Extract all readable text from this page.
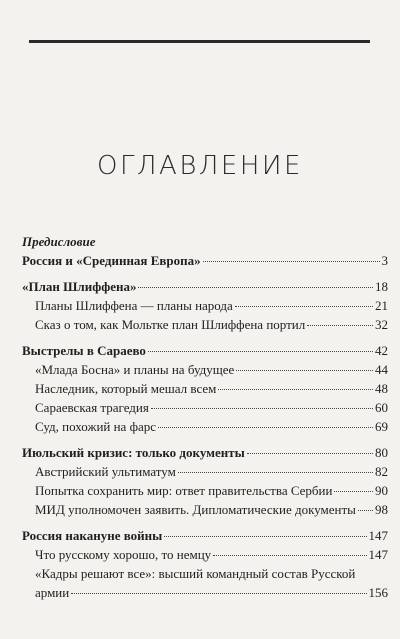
ОГЛАВЛЕНИЕ
Предисловие
Россия и «Срединная Европа»	3
«План Шлиффена»	18
Планы Шлиффена — планы народа	21
Сказ о том, как Мольтке план Шлиффена портил	32
Выстрелы в Сараево	42
«Млада Босна» и планы на будущее	44
Наследник, который мешал всем	48
Сараевская трагедия	60
Суд, похожий на фарс	69
Июльский кризис: только документы	80
Австрийский ультиматум	82
Попытка сохранить мир: ответ правительства Сербии	90
МИД уполномочен заявить. Дипломатические документы 98
Россия накануне войны	147
Что русскому хорошо, то немцу	147
«Кадры решают все»: высший командный состав Русской
армии	156
